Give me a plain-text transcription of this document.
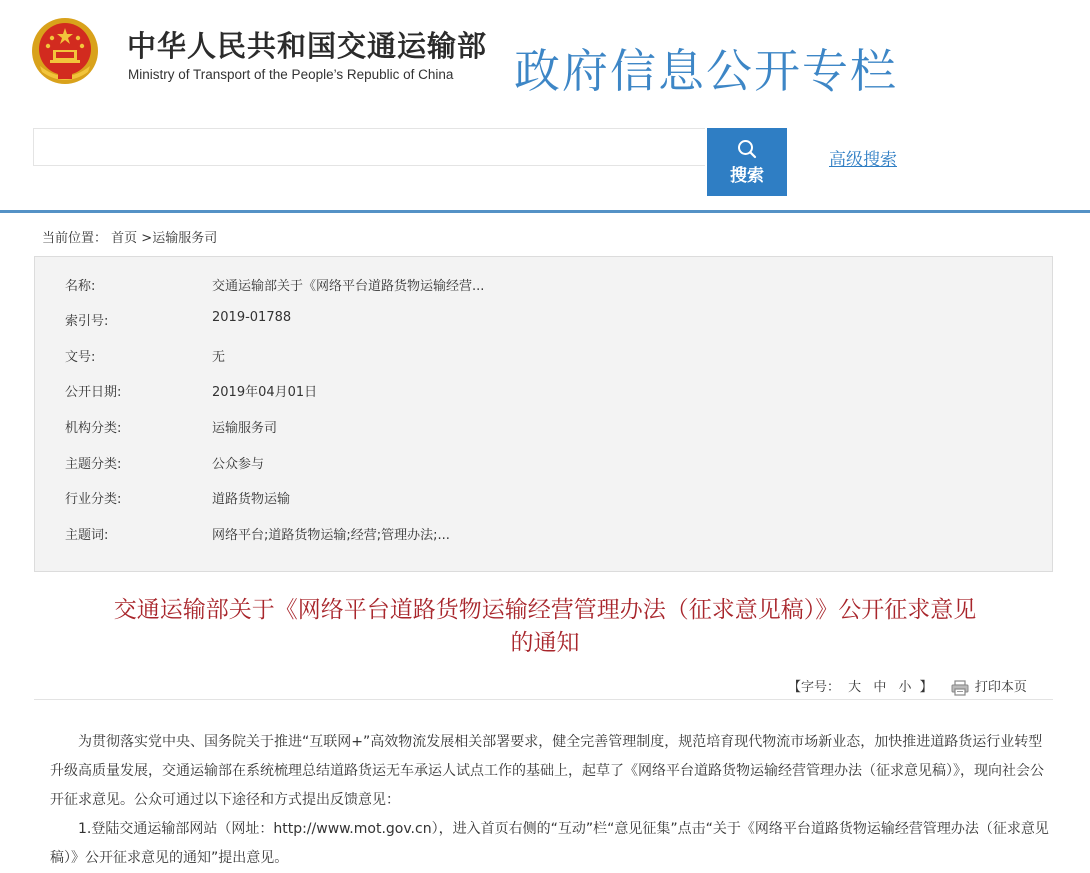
中华人民共和国交通运输部
Ministry of Transport of the People’s Republic of China 政府信息公开专栏
搜索
高级搜索
当前位置： 首页 >运输服务司
名称:	交通运输部关于《网络平台道路货物运输经营...
索引号:	2019-01788
文号:	无
公开日期:	2019年04月01日
机构分类:	运输服务司
主题分类:	公众参与
行业分类:	道路货物运输
主题词:	网络平台;道路货物运输;经营;管理办法;...
交通运输部关于《网络平台道路货物运输经营管理办法（征求意见稿）》公开征求意见
的通知
【字号： 大 中 小 】	打印本页

为贯彻落实党中央、国务院关于推进“互联网+”高效物流发展相关部署要求，健全完善管理制度，规范培育现代物流市场新业态，加快推进道路货运行业转型升级高质量发展，交通运输部在系统梳理总结道路货运无车承运人试点工作的基础上，起草了《网络平台道路货物运输经营管理办法（征求意见稿）》，现向社会公开征求意见。公众可通过以下途径和方式提出反馈意见：

1.登陆交通运输部网站（网址：http://www.mot.gov.cn），进入首页右侧的“互动”栏“意见征集”点击“关于《网络平台道路货物运输经营管理办法（征求意见稿）》公开征求意见的通知”提出意见。
